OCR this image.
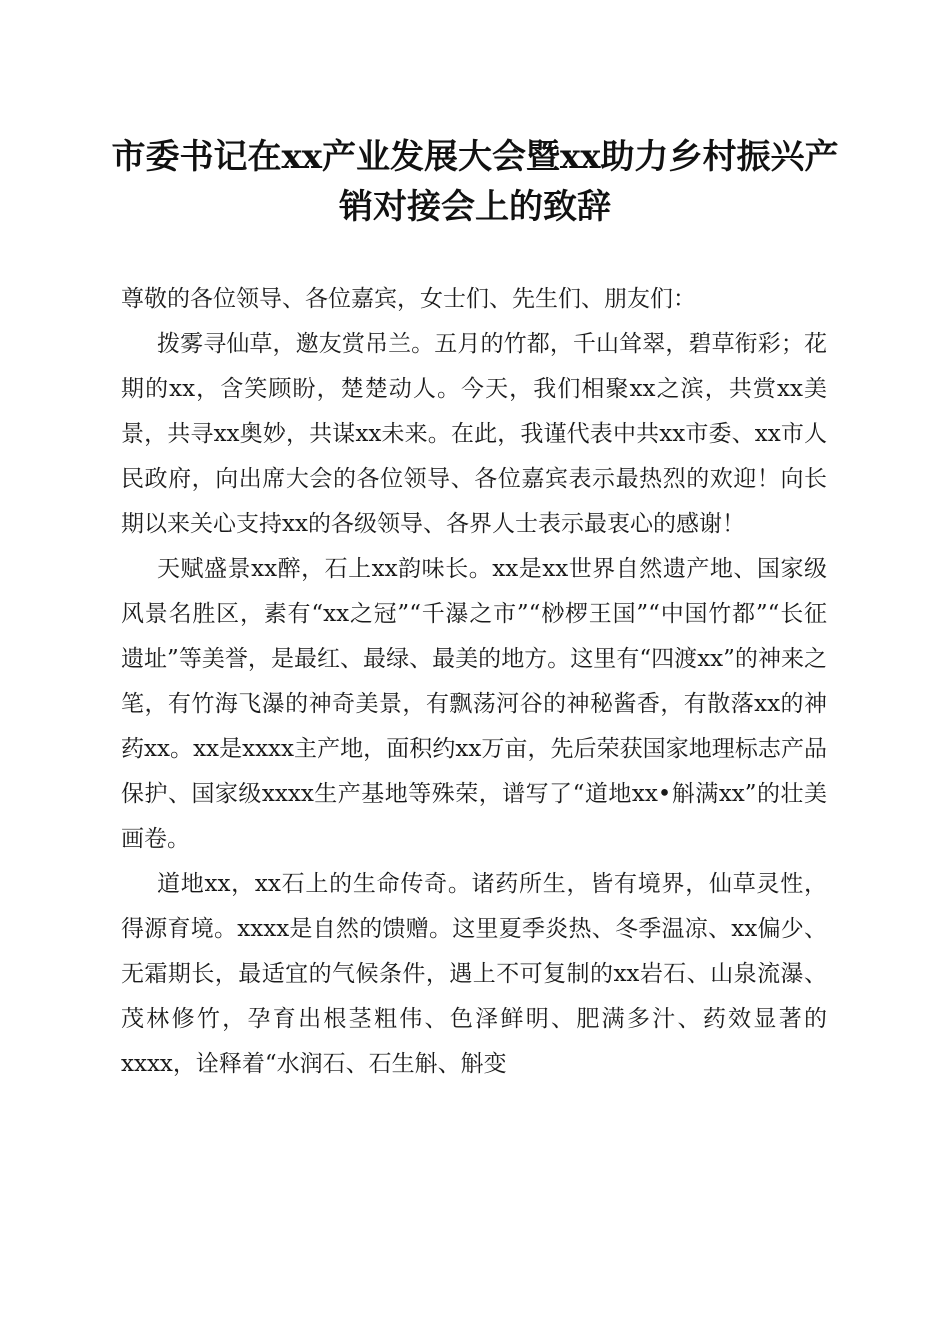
市委书记在xx产业发展大会暨xx助力乡村振兴产销对接会上的致辞

尊敬的各位领导、各位嘉宾，女士们、先生们、朋友们：

拨雾寻仙草，邀友赏吊兰。五月的竹都，千山耸翠，碧草衔彩；花期的xx，含笑顾盼，楚楚动人。今天，我们相聚xx之滨，共赏xx美景，共寻xx奥妙，共谋xx未来。在此，我谨代表中共xx市委、xx市人民政府，向出席大会的各位领导、各位嘉宾表示最热烈的欢迎！向长期以来关心支持xx的各级领导、各界人士表示最衷心的感谢！

天赋盛景xx醉，石上xx韵味长。xx是xx世界自然遗产地、国家级风景名胜区，素有“xx之冠”“千瀑之市”“桫椤王国”“中国竹都”“长征遗址”等美誉，是最红、最绿、最美的地方。这里有“四渡xx”的神来之笔，有竹海飞瀑的神奇美景，有飘荡河谷的神秘酱香，有散落xx的神药xx。xx是xxxx主产地，面积约xx万亩，先后荣获国家地理标志产品保护、国家级xxxx生产基地等殊荣，谱写了“道地xx•斛满xx”的壮美画卷。

道地xx，xx石上的生命传奇。诸药所生，皆有境界，仙草灵性，得源育境。xxxx是自然的馈赠。这里夏季炎热、冬季温凉、xx偏少、无霜期长，最适宜的气候条件，遇上不可复制的xx岩石、山泉流瀑、茂林修竹，孕育出根茎粗伟、色泽鲜明、肥满多汁、药效显著的xxxx，诠释着“水润石、石生斛、斛变
